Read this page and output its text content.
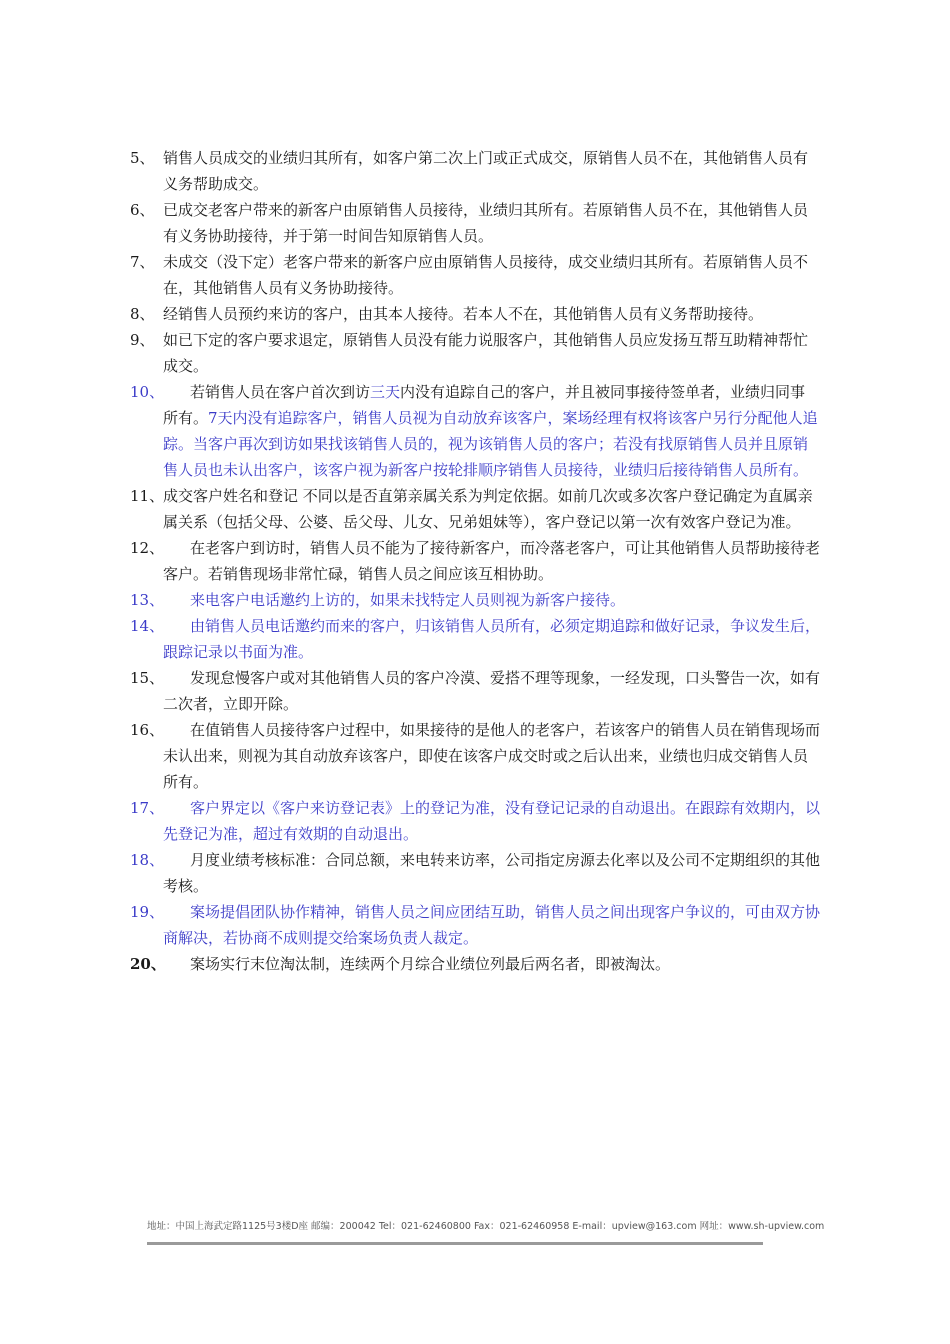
5、 销售人员成交的业绩归其所有，如客户第二次上门或正式成交，原销售人员不在，其他销售人员有义务帮助成交。
6、 已成交老客户带来的新客户由原销售人员接待，业绩归其所有。若原销售人员不在，其他销售人员有义务协助接待，并于第一时间告知原销售人员。
7、 未成交（没下定）老客户带来的新客户应由原销售人员接待，成交业绩归其所有。若原销售人员不在，其他销售人员有义务协助接待。
8、 经销售人员预约来访的客户，由其本人接待。若本人不在，其他销售人员有义务帮助接待。
9、 如已下定的客户要求退定，原销售人员没有能力说服客户，其他销售人员应发扬互帮互助精神帮忙成交。
10、	若销售人员在客户首次到访三天内没有追踪自己的客户，并且被同事接待签单者，业绩归同事所有。7天内没有追踪客户，销售人员视为自动放弃该客户，案场经理有权将该客户另行分配他人追踪。当客户再次到访如果找该销售人员的，视为该销售人员的客户；若没有找原销售人员并且原销售人员也未认出客户，该客户视为新客户按轮排顺序销售人员接待，业绩归后接待销售人员所有。
11、
成交客户姓名和登记 不同以是否直第亲属关系为判定依据。如前几次或多次客户登记确定为直属亲属关系（包括父母、公婆、岳父母、儿女、兄弟姐妹等），客户登记以第一次有效客户登记为准。
12、	在老客户到访时，销售人员不能为了接待新客户，而冷落老客户，可让其他销售人员帮助接待老客户。若销售现场非常忙碌，销售人员之间应该互相协助。
13、	来电客户电话邀约上访的，如果未找特定人员则视为新客户接待。
14、	由销售人员电话邀约而来的客户，归该销售人员所有，必须定期追踪和做好记录，争议发生后，跟踪记录以书面为准。
15、	发现怠慢客户或对其他销售人员的客户冷漠、爱搭不理等现象，一经发现，口头警告一次，如有二次者，立即开除。
16、	在值销售人员接待客户过程中，如果接待的是他人的老客户，若该客户的销售人员在销售现场而未认出来，则视为其自动放弃该客户，即使在该客户成交时或之后认出来，业绩也归成交销售人员所有。
17、	客户界定以《客户来访登记表》上的登记为准，没有登记记录的自动退出。在跟踪有效期内，以先登记为准，超过有效期的自动退出。
18、	月度业绩考核标准：合同总额，来电转来访率，公司指定房源去化率以及公司不定期组织的其他考核。
19、	案场提倡团队协作精神，销售人员之间应团结互助，销售人员之间出现客户争议的，可由双方协商解决，若协商不成则提交给案场负责人裁定。
20、	案场实行末位淘汰制，连续两个月综合业绩位列最后两名者，即被淘汰。
地址：中国上海武定路1125号3楼D座 邮编：200042 Tel：021-62460800 Fax：021-62460958 E-mail：upview@163.com 网址：www.sh-upview.com
